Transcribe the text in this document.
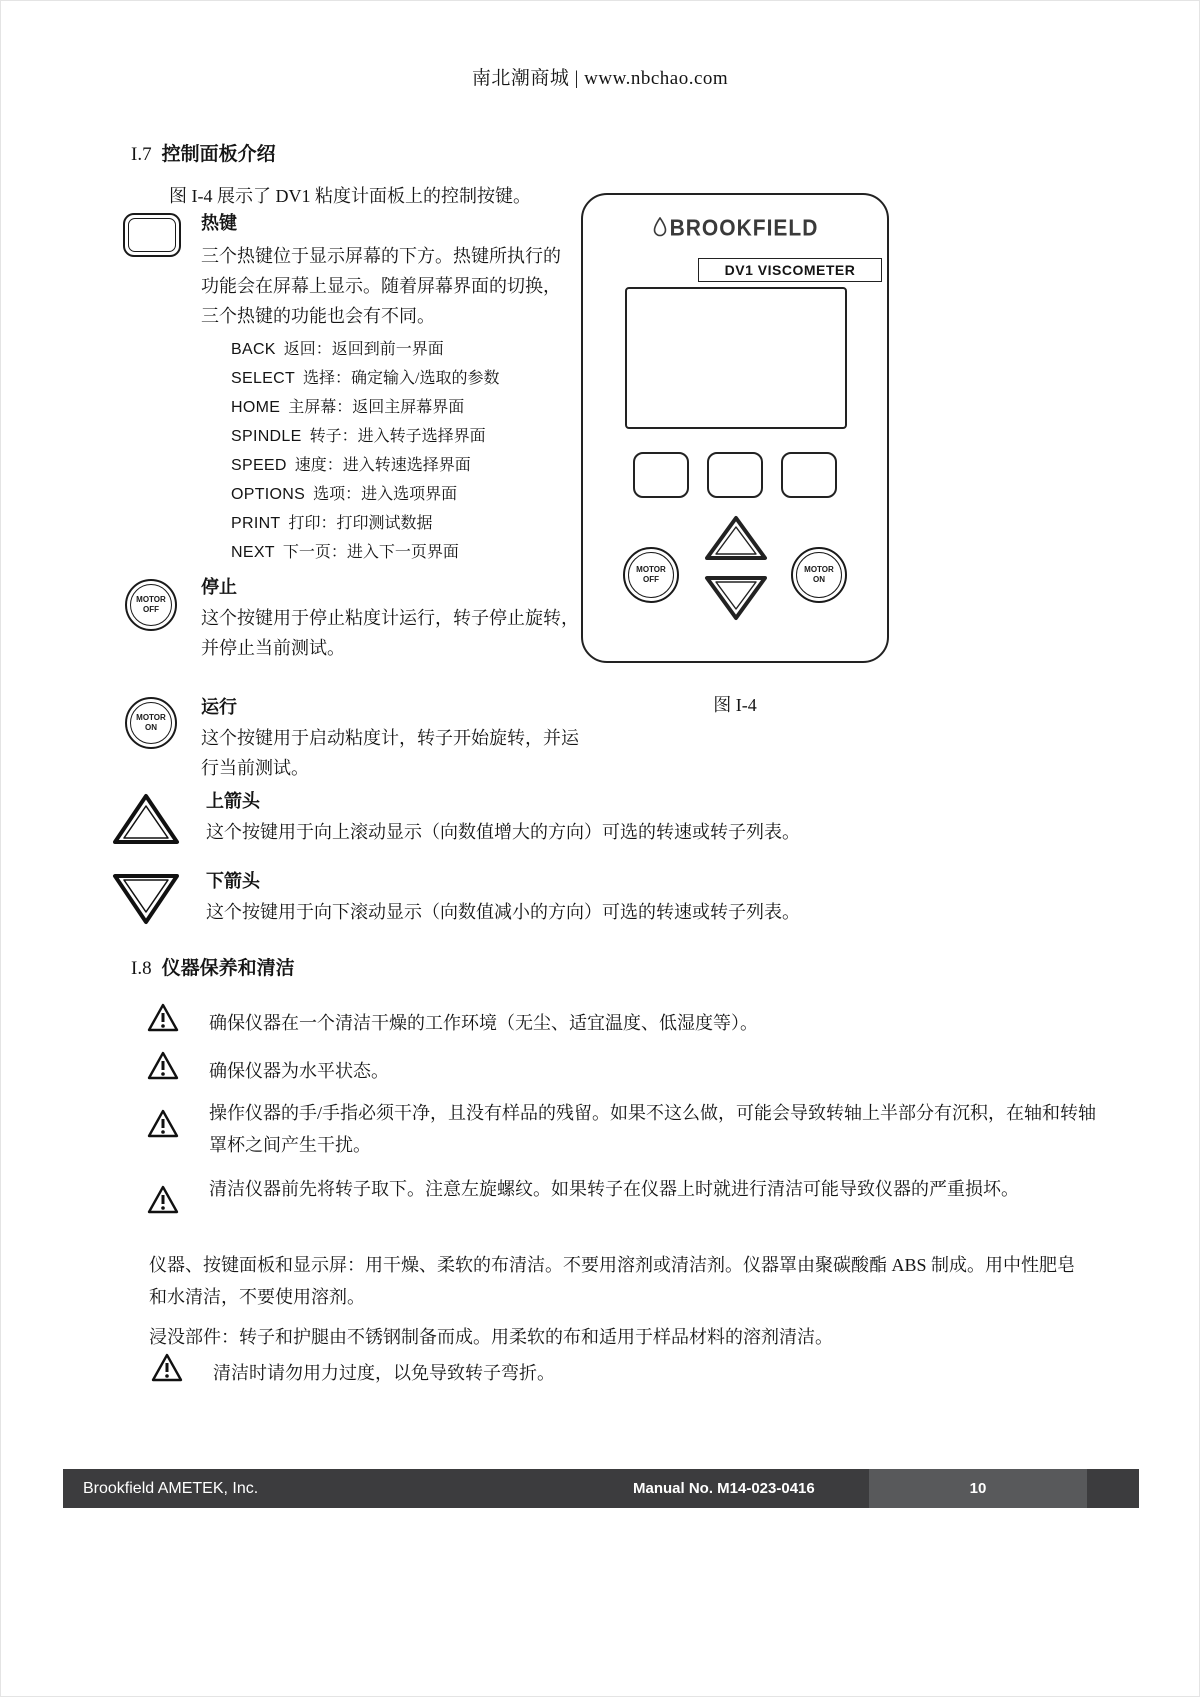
南北潮商城 | www.nbchao.com
I.7 控制面板介绍
图 I-4 展示了 DV1 粘度计面板上的控制按键。
热键
三个热键位于显示屏幕的下方。热键所执行的功能会在屏幕上显示。随着屏幕界面的切换，三个热键的功能也会有不同。
BACK 返回：返回到前一界面
SELECT 选择：确定输入/选取的参数
HOME 主屏幕：返回主屏幕界面
SPINDLE 转子：进入转子选择界面
SPEED 速度：进入转速选择界面
OPTIONS 选项：进入选项界面
PRINT 打印：打印测试数据
NEXT 下一页：进入下一页界面
BROOKFIELD
DV1 VISCOMETER
MOTOR OFF
MOTOR ON
图 I-4
MOTOR OFF
停止
这个按键用于停止粘度计运行，转子停止旋转，并停止当前测试。
MOTOR ON
运行
这个按键用于启动粘度计，转子开始旋转，并运行当前测试。
上箭头
这个按键用于向上滚动显示（向数值增大的方向）可选的转速或转子列表。
下箭头
这个按键用于向下滚动显示（向数值减小的方向）可选的转速或转子列表。
I.8 仪器保养和清洁
确保仪器在一个清洁干燥的工作环境（无尘、适宜温度、低湿度等）。
确保仪器为水平状态。
操作仪器的手/手指必须干净，且没有样品的残留。如果不这么做，可能会导致转轴上半部分有沉积，在轴和转轴罩杯之间产生干扰。
清洁仪器前先将转子取下。注意左旋螺纹。如果转子在仪器上时就进行清洁可能导致仪器的严重损坏。
仪器、按键面板和显示屏：用干燥、柔软的布清洁。不要用溶剂或清洁剂。仪器罩由聚碳酸酯 ABS 制成。用中性肥皂和水清洁，不要使用溶剂。
浸没部件：转子和护腿由不锈钢制备而成。用柔软的布和适用于样品材料的溶剂清洁。
清洁时请勿用力过度，以免导致转子弯折。
Brookfield AMETEK, Inc.	Manual No. M14-023-0416	10
